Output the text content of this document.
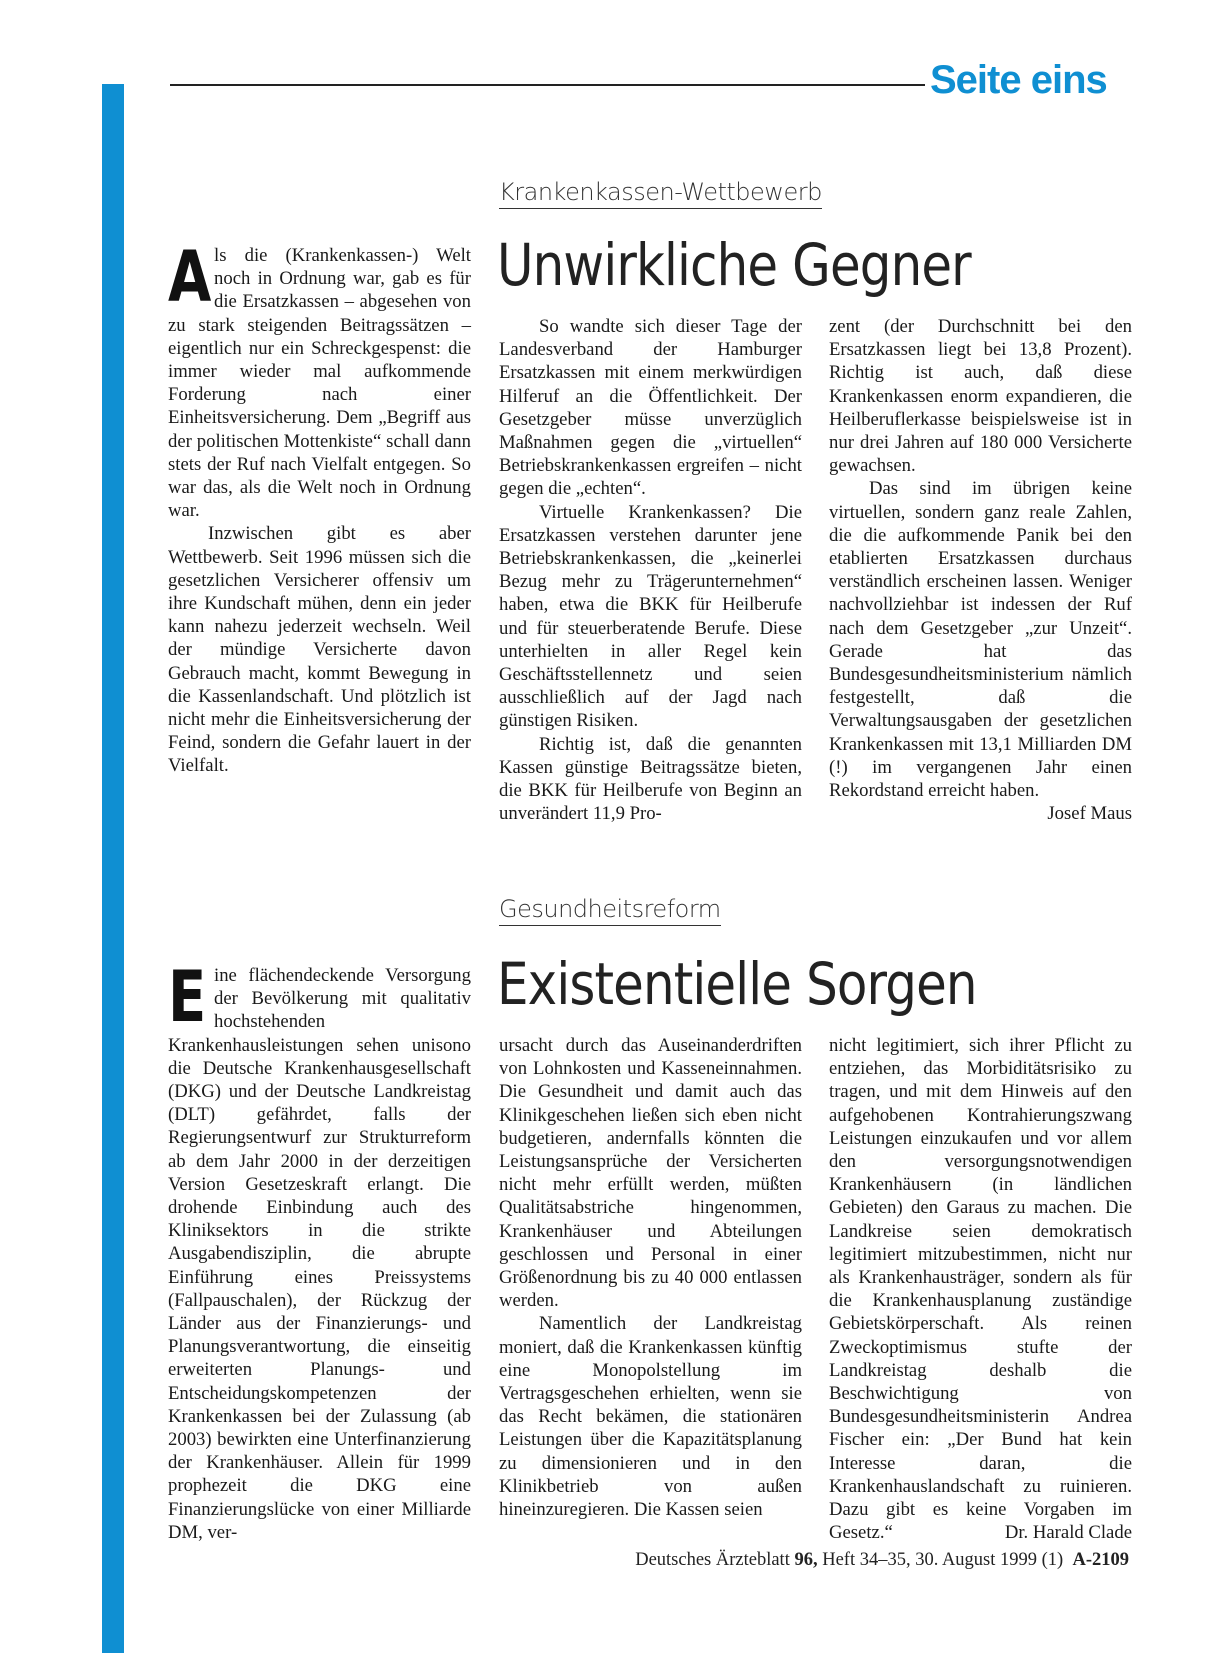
Seite eins
Krankenkassen-Wettbewerb
Unwirkliche Gegner

Als die (Krankenkassen-) Welt noch in Ordnung war, gab es für die Ersatzkassen – abgesehen von zu stark steigenden Beitragssätzen – eigentlich nur ein Schreckgespenst: die immer wieder mal aufkommende Forderung nach einer Einheitsversicherung. Dem „Begriff aus der politischen Mottenkiste“ schall dann stets der Ruf nach Vielfalt entgegen. So war das, als die Welt noch in Ordnung war.

Inzwischen gibt es aber Wettbewerb. Seit 1996 müssen sich die gesetzlichen Versicherer offensiv um ihre Kundschaft mühen, denn ein jeder kann nahezu jederzeit wechseln. Weil der mündige Versicherte davon Gebrauch macht, kommt Bewegung in die Kassenlandschaft. Und plötzlich ist nicht mehr die Einheitsversicherung der Feind, sondern die Gefahr lauert in der Vielfalt.

So wandte sich dieser Tage der Landesverband der Hamburger Ersatzkassen mit einem merkwürdigen Hilferuf an die Öffentlichkeit. Der Gesetzgeber müsse unverzüglich Maßnahmen gegen die „virtuellen“ Betriebskrankenkassen ergreifen – nicht gegen die „echten“.

Virtuelle Krankenkassen? Die Ersatzkassen verstehen darunter jene Betriebskrankenkassen, die „keinerlei Bezug mehr zu Trägerunternehmen“ haben, etwa die BKK für Heilberufe und für steuerberatende Berufe. Diese unterhielten in aller Regel kein Geschäftsstellennetz und seien ausschließlich auf der Jagd nach günstigen Risiken.

Richtig ist, daß die genannten Kassen günstige Beitragssätze bieten, die BKK für Heilberufe von Beginn an unverändert 11,9 Pro-

zent (der Durchschnitt bei den Ersatzkassen liegt bei 13,8 Prozent). Richtig ist auch, daß diese Krankenkassen enorm expandieren, die Heilberuflerkasse beispielsweise ist in nur drei Jahren auf 180 000 Versicherte gewachsen.

Das sind im übrigen keine virtuellen, sondern ganz reale Zahlen, die die aufkommende Panik bei den etablierten Ersatzkassen durchaus verständlich erscheinen lassen. Weniger nachvollziehbar ist indessen der Ruf nach dem Gesetzgeber „zur Unzeit“. Gerade hat das Bundesgesundheitsministerium nämlich festgestellt, daß die Verwaltungsausgaben der gesetzlichen Krankenkassen mit 13,1 Milliarden DM (!) im vergangenen Jahr einen Rekordstand erreicht haben.
Josef Maus

Gesundheitsreform
Existentielle Sorgen

Eine flächendeckende Versorgung der Bevölkerung mit qualitativ hochstehenden Krankenhausleistungen sehen unisono die Deutsche Krankenhausgesellschaft (DKG) und der Deutsche Landkreistag (DLT) gefährdet, falls der Regierungsentwurf zur Strukturreform ab dem Jahr 2000 in der derzeitigen Version Gesetzeskraft erlangt. Die drohende Einbindung auch des Kliniksektors in die strikte Ausgabendisziplin, die abrupte Einführung eines Preissystems (Fallpauschalen), der Rückzug der Länder aus der Finanzierungs- und Planungsverantwortung, die einseitig erweiterten Planungs- und Entscheidungskompetenzen der Krankenkassen bei der Zulassung (ab 2003) bewirkten eine Unterfinanzierung der Krankenhäuser. Allein für 1999 prophezeit die DKG eine Finanzierungslücke von einer Milliarde DM, ver-

ursacht durch das Auseinanderdriften von Lohnkosten und Kasseneinnahmen. Die Gesundheit und damit auch das Klinikgeschehen ließen sich eben nicht budgetieren, andernfalls könnten die Leistungsansprüche der Versicherten nicht mehr erfüllt werden, müßten Qualitätsabstriche hingenommen, Krankenhäuser und Abteilungen geschlossen und Personal in einer Größenordnung bis zu 40 000 entlassen werden.

Namentlich der Landkreistag moniert, daß die Krankenkassen künftig eine Monopolstellung im Vertragsgeschehen erhielten, wenn sie das Recht bekämen, die stationären Leistungen über die Kapazitätsplanung zu dimensionieren und in den Klinikbetrieb von außen hineinzuregieren. Die Kassen seien

nicht legitimiert, sich ihrer Pflicht zu entziehen, das Morbiditätsrisiko zu tragen, und mit dem Hinweis auf den aufgehobenen Kontrahierungszwang Leistungen einzukaufen und vor allem den versorgungsnotwendigen Krankenhäusern (in ländlichen Gebieten) den Garaus zu machen. Die Landkreise seien demokratisch legitimiert mitzubestimmen, nicht nur als Krankenhausträger, sondern als für die Krankenhausplanung zuständige Gebietskörperschaft. Als reinen Zweckoptimismus stufte der Landkreistag deshalb die Beschwichtigung von Bundesgesundheitsministerin Andrea Fischer ein: „Der Bund hat kein Interesse daran, die Krankenhauslandschaft zu ruinieren. Dazu gibt es keine Vorgaben im Gesetz.“	Dr. Harald Clade

Deutsches Ärzteblatt 96, Heft 34–35, 30. August 1999 (1) A-2109
